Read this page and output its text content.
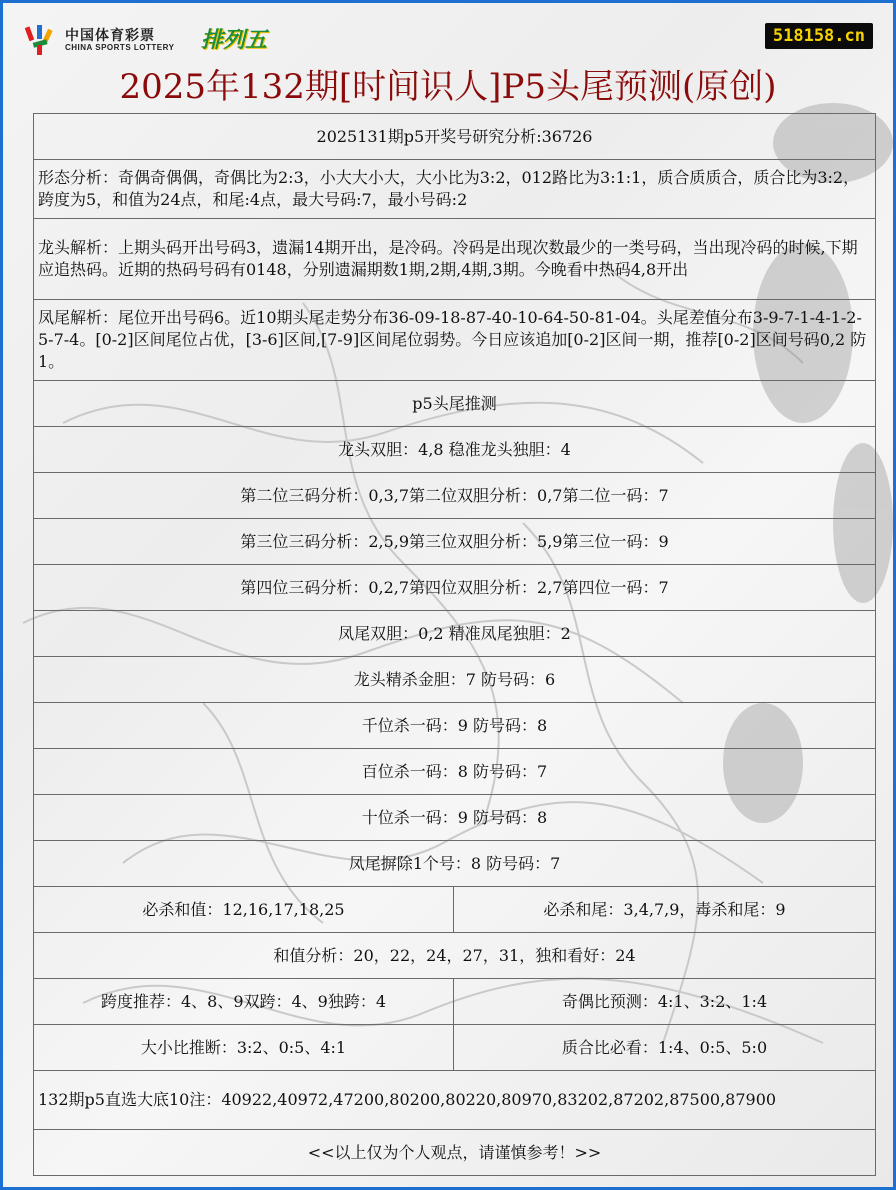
中国体育彩票
CHINA SPORTS LOTTERY 排列五	518158.cn
2025年132期[时间识人]P5头尾预测(原创)
2025131期p5开奖号研究分析:36726	
形态分析：奇偶奇偶偶，奇偶比为2:3，小大大小大，大小比为3:2，012路比为3:1:1，质合质质合，质合比为3:2，跨度为5，和值为24点，和尾:4点，最大号码:7，最小号码:2	
龙头解析：上期头码开出号码3，遗漏14期开出，是冷码。冷码是出现次数最少的一类号码，当出现冷码的时候,下期应追热码。近期的热码号码有0148，分别遗漏期数1期,2期,4期,3期。今晚看中热码4,8开出	
凤尾解析：尾位开出号码6。近10期头尾走势分布36-09-18-87-40-10-64-50-81-04。头尾差值分布3-9-7-1-4-1-2-5-7-4。[0-2]区间尾位占优，[3-6]区间,[7-9]区间尾位弱势。今日应该追加[0-2]区间一期，推荐[0-2]区间号码0,2 防1。	
p5头尾推测	
龙头双胆：4,8 稳准龙头独胆：4	
第二位三码分析：0,3,7第二位双胆分析：0,7第二位一码：7	
第三位三码分析：2,5,9第三位双胆分析：5,9第三位一码：9	
第四位三码分析：0,2,7第四位双胆分析：2,7第四位一码：7	
凤尾双胆：0,2 精准凤尾独胆：2	
龙头精杀金胆：7 防号码：6	
千位杀一码：9 防号码：8	
百位杀一码：8 防号码：7	
十位杀一码：9 防号码：8	
凤尾摒除1个号：8 防号码：7	
必杀和值：12,16,17,18,25	必杀和尾：3,4,7,9，毒杀和尾：9
和值分析：20，22，24，27，31，独和看好：24	
跨度推荐：4、8、9双跨：4、9独跨：4	奇偶比预测：4:1、3:2、1:4
大小比推断：3:2、0:5、4:1	质合比必看：1:4、0:5、5:0
132期p5直选大底10注：40922,40972,47200,80200,80220,80970,83202,87202,87500,87900	
<<以上仅为个人观点，请谨慎参考！>>	
